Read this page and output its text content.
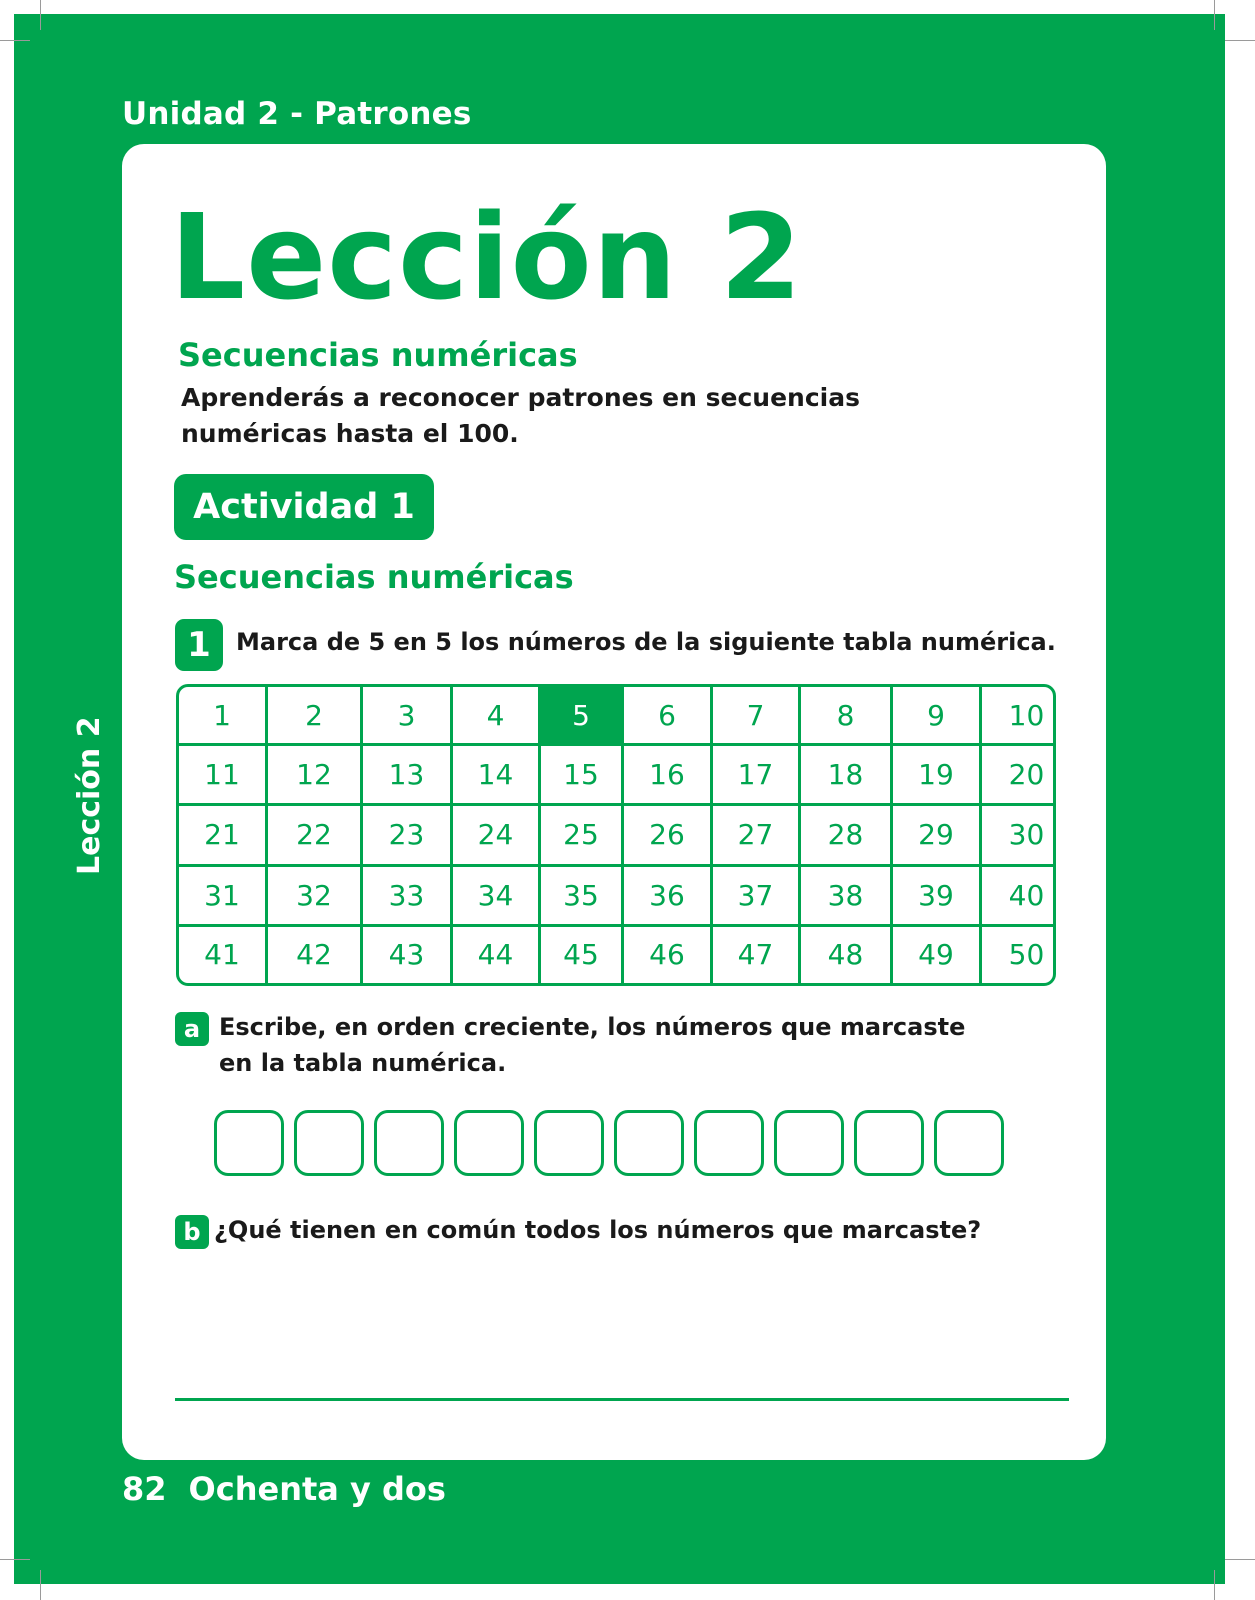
Unidad 2 - Patrones
Lección 2
82 Ochenta y dos
Lección 2
Secuencias numéricas
Aprenderás a reconocer patrones en secuencias numéricas hasta el 100.
Actividad 1
Secuencias numéricas
1	Marca de 5 en 5 los números de la siguiente tabla numérica.
1	2	3	4	5	6	7	8	9	10
11	12	13	14	15	16	17	18	19	20
21	22	23	24	25	26	27	28	29	30
31	32	33	34	35	36	37	38	39	40
41	42	43	44	45	46	47	48	49	50
a Escribe, en orden creciente, los números que marcaste
en la tabla numérica.
b ¿Qué tienen en común todos los números que marcaste?
